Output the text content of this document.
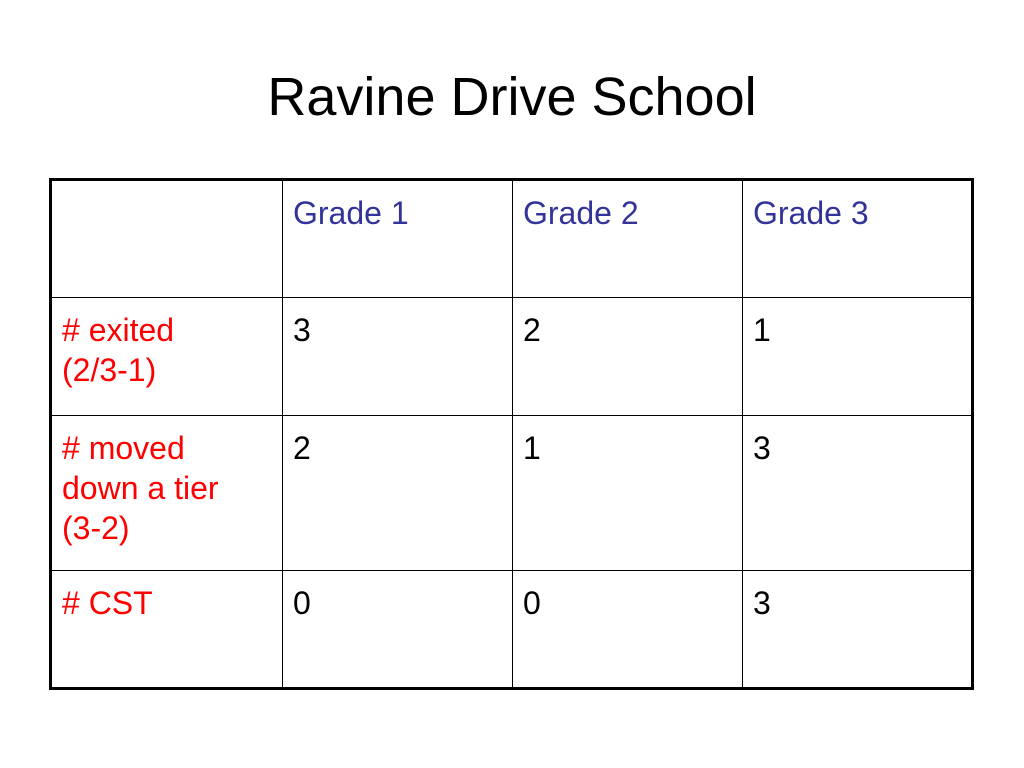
Ravine Drive School
	Grade 1	Grade 2	Grade 3

# exited
(2/3-1)	3	2	1

# moved
down a tier
(3-2)	2	1	3

# CST	0	0	3
